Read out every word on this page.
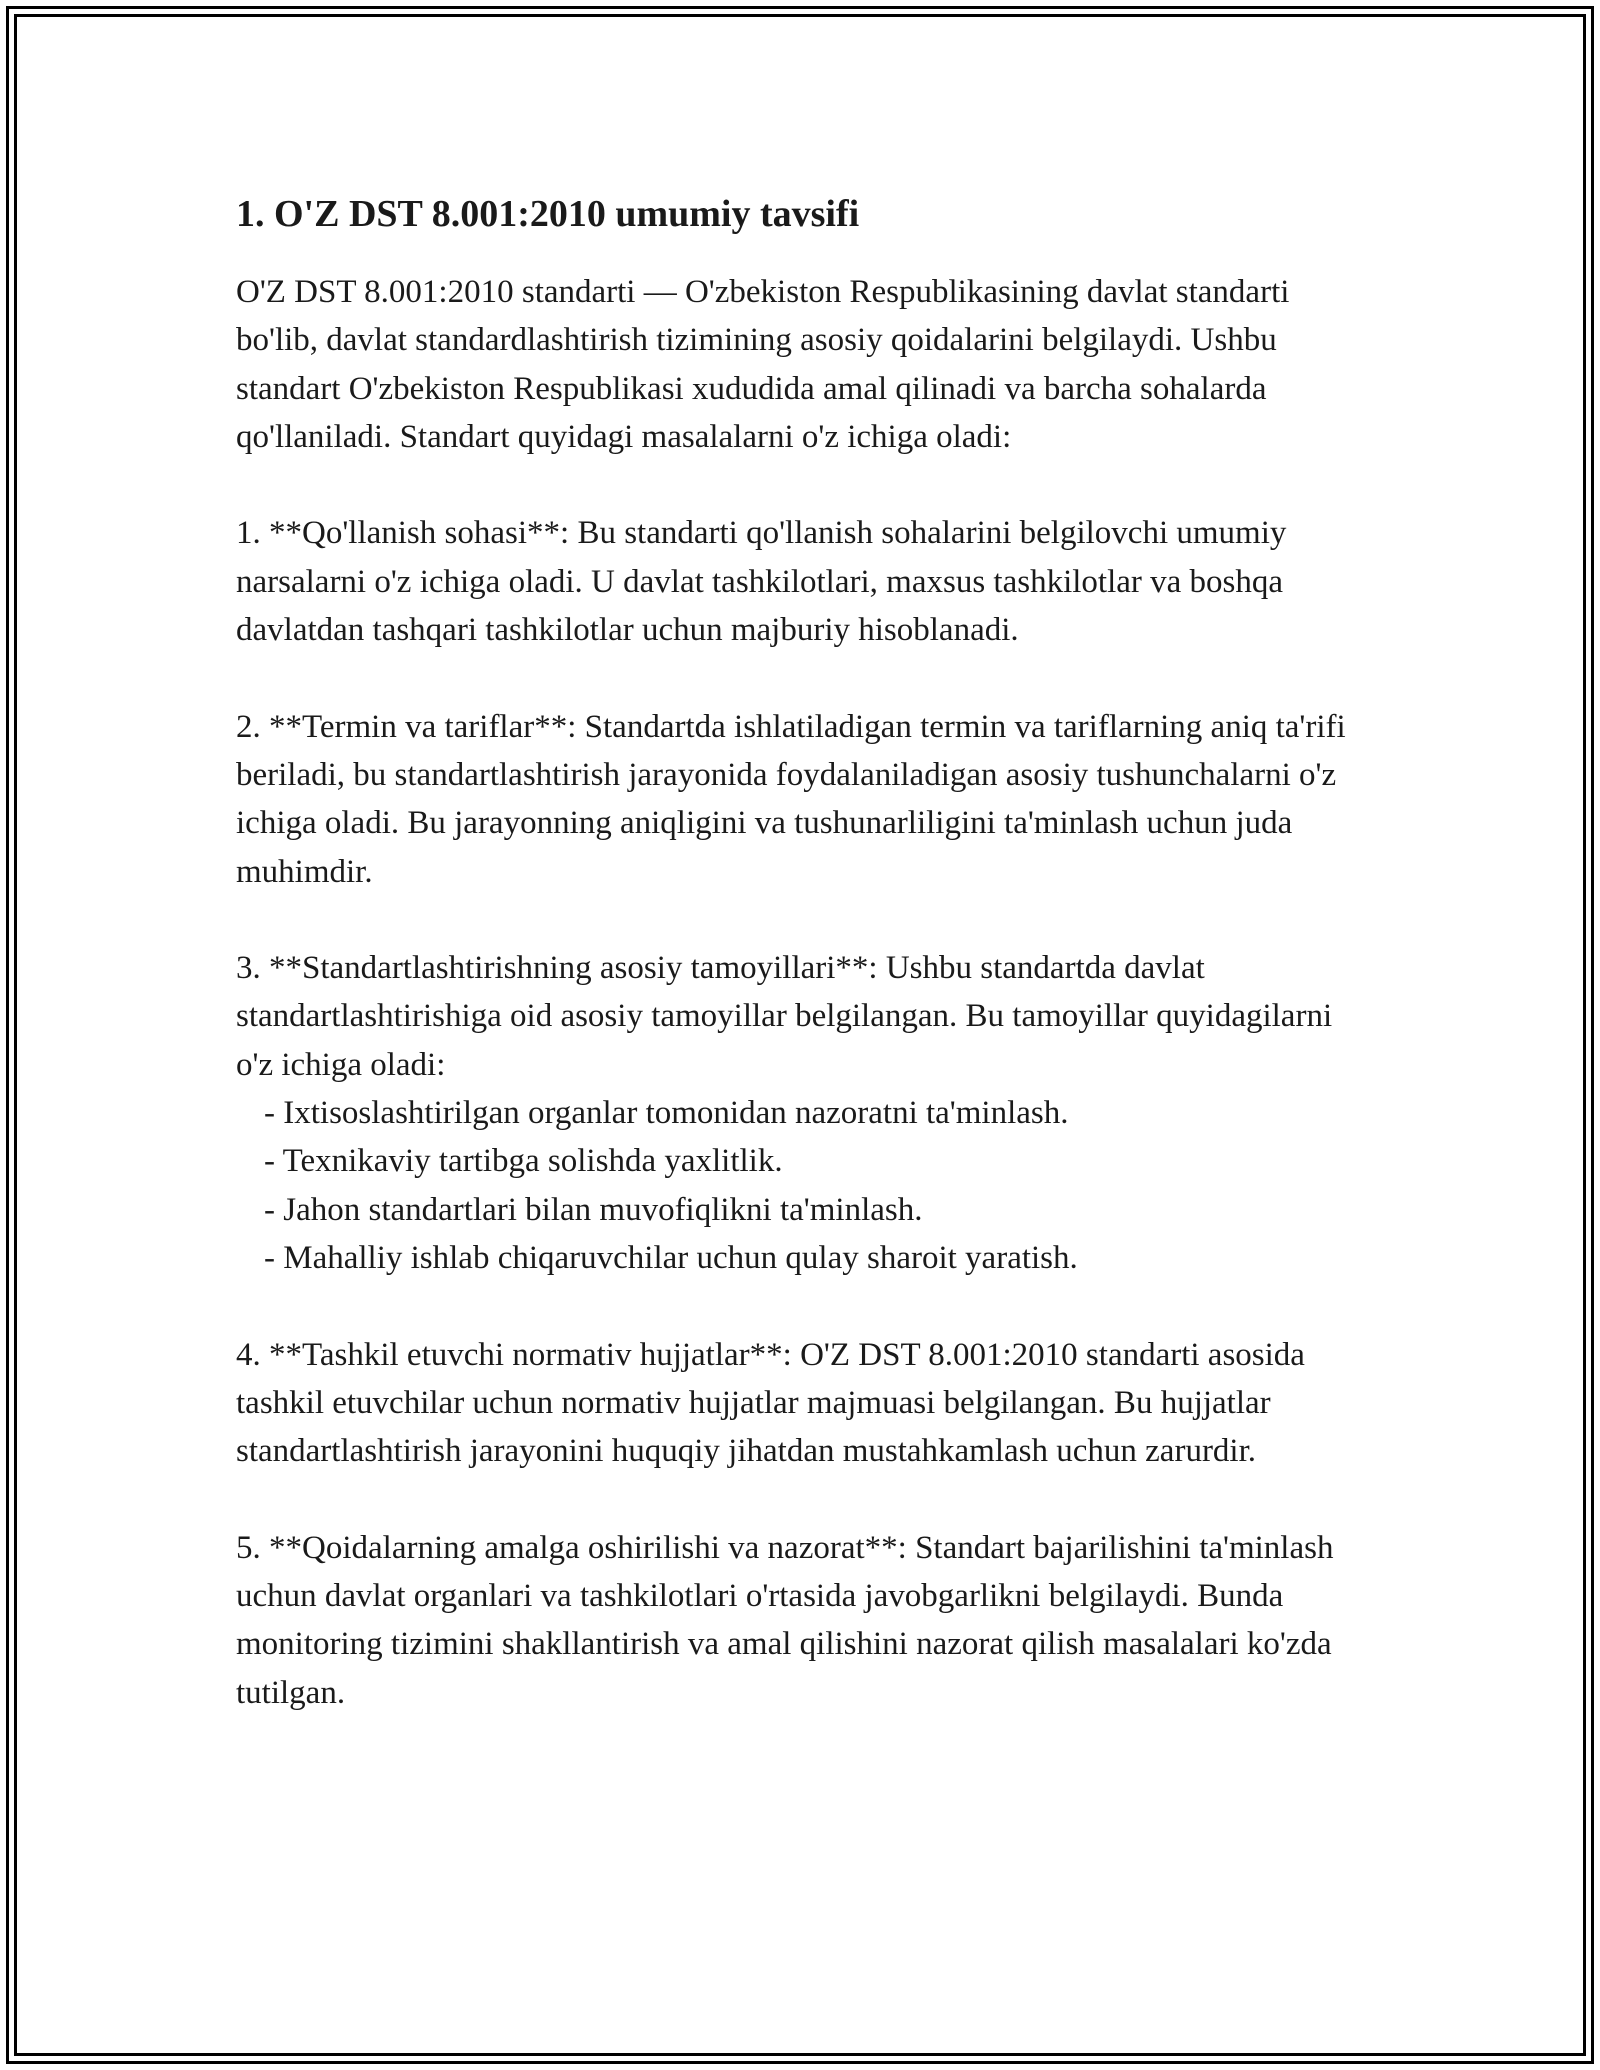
1. O'Z DST 8.001:2010 umumiy tavsifi

O'Z DST 8.001:2010 standarti — O'zbekiston Respublikasining davlat standarti bo'lib, davlat standardlashtirish tizimining asosiy qoidalarini belgilaydi. Ushbu standart O'zbekiston Respublikasi xududida amal qilinadi va barcha sohalarda qo'llaniladi. Standart quyidagi masalalarni o'z ichiga oladi:

1. **Qo'llanish sohasi**: Bu standarti qo'llanish sohalarini belgilovchi umumiy narsalarni o'z ichiga oladi. U davlat tashkilotlari, maxsus tashkilotlar va boshqa davlatdan tashqari tashkilotlar uchun majburiy hisoblanadi.

2. **Termin va tariflar**: Standartda ishlatiladigan termin va tariflarning aniq ta'rifi beriladi, bu standartlashtirish jarayonida foydalaniladigan asosiy tushunchalarni o'z ichiga oladi. Bu jarayonning aniqligini va tushunarliligini ta'minlash uchun juda muhimdir.

3. **Standartlashtirishning asosiy tamoyillari**: Ushbu standartda davlat standartlashtirishiga oid asosiy tamoyillar belgilangan. Bu tamoyillar quyidagilarni o'z ichiga oladi:

- Ixtisoslashtirilgan organlar tomonidan nazoratni ta'minlash.
- Texnikaviy tartibga solishda yaxlitlik.
- Jahon standartlari bilan muvofiqlikni ta'minlash.
- Mahalliy ishlab chiqaruvchilar uchun qulay sharoit yaratish.

4. **Tashkil etuvchi normativ hujjatlar**: O'Z DST 8.001:2010 standarti asosida tashkil etuvchilar uchun normativ hujjatlar majmuasi belgilangan. Bu hujjatlar standartlashtirish jarayonini huquqiy jihatdan mustahkamlash uchun zarurdir.

5. **Qoidalarning amalga oshirilishi va nazorat**: Standart bajarilishini ta'minlash uchun davlat organlari va tashkilotlari o'rtasida javobgarlikni belgilaydi. Bunda monitoring tizimini shakllantirish va amal qilishini nazorat qilish masalalari ko'zda tutilgan.
